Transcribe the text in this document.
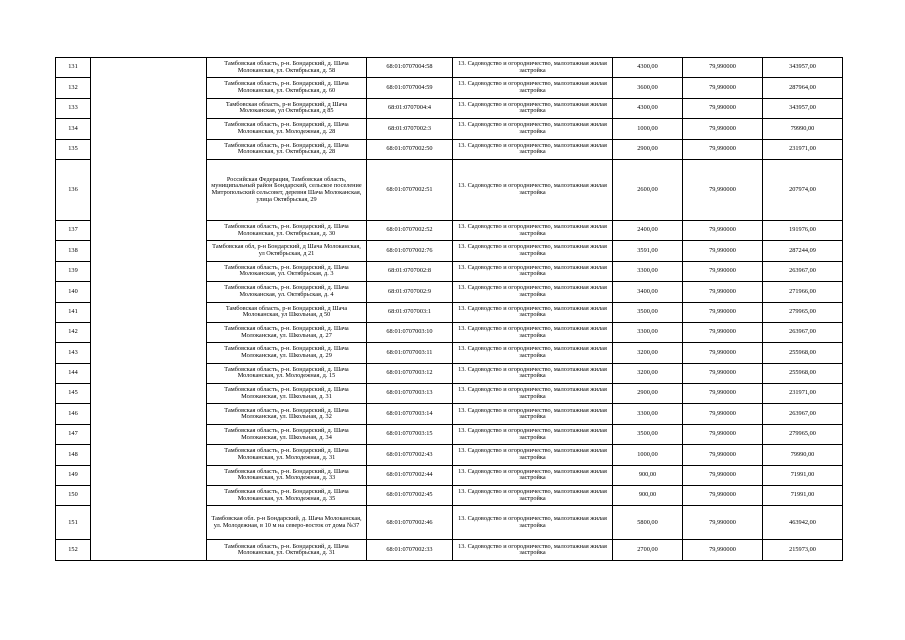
131		Тамбовская область, р-н. Бондарский, д. Шача Молоканская, ул. Октябрьская, д. 58	68:01:0707004:58	13. Садоводство и огородничество, малоэтажная жилая застройка	4300,00	79,990000	343957,00
132		Тамбовская область, р-н. Бондарский, д. Шача Молоканская, ул. Октябрьская, д. 60	68:01:0707004:59	13. Садоводство и огородничество, малоэтажная жилая застройка	3600,00	79,990000	287964,00
133		Тамбовская область, р-н Бондарский, д Шача Молоканская, ул Октябрьская, д 85	68:01:0707004:4	13. Садоводство и огородничество, малоэтажная жилая застройка	4300,00	79,990000	343957,00
134		Тамбовская область, р-н. Бондарский, д. Шача Молоканская, ул. Молодежная, д. 28	68:01:0707002:3	13. Садоводство и огородничество, малоэтажная жилая застройка	1000,00	79,990000	79990,00
135		Тамбовская область, р-н. Бондарский, д. Шача Молоканская, ул. Октябрьская, д. 28	68:01:0707002:50	13. Садоводство и огородничество, малоэтажная жилая застройка	2900,00	79,990000	231971,00
136		Российская Федерация, Тамбовская область, муниципальный район Бондарский, сельское поселение Митропольский сельсовет, деревня Шача Молоканская, улица Октябрьская, 29	68:01:0707002:51	13. Садоводство и огородничество, малоэтажная жилая застройка	2600,00	79,990000	207974,00
137		Тамбовская область, р-н. Бондарский, д. Шача Молоканская, ул. Октябрьская, д. 30	68:01:0707002:52	13. Садоводство и огородничество, малоэтажная жилая застройка	2400,00	79,990000	191976,00
138		Тамбовская обл, р-н Бондарский, д Шача Молоканская, ул Октябрьская, д 21	68:01:0707002:76	13. Садоводство и огородничество, малоэтажная жилая застройка	3591,00	79,990000	287244,09
139		Тамбовская область, р-н. Бондарский, д. Шача Молоканская, ул. Октябрьская, д. 3	68:01:0707002:8	13. Садоводство и огородничество, малоэтажная жилая застройка	3300,00	79,990000	263967,00
140		Тамбовская область, р-н. Бондарский, д. Шача Молоканская, ул. Октябрьская, д. 4	68:01:0707002:9	13. Садоводство и огородничество, малоэтажная жилая застройка	3400,00	79,990000	271966,00
141		Тамбовская область, р-н Бондарский, д Шача Молоканская, ул Школьная, д 50	68:01:0707003:1	13. Садоводство и огородничество, малоэтажная жилая застройка	3500,00	79,990000	279965,00
142		Тамбовская область, р-н. Бондарский, д. Шача Молоканская, ул. Школьная, д. 27	68:01:0707003:10	13. Садоводство и огородничество, малоэтажная жилая застройка	3300,00	79,990000	263967,00
143		Тамбовская область, р-н. Бондарский, д. Шача Молоканская, ул. Школьная, д. 29	68:01:0707003:11	13. Садоводство и огородничество, малоэтажная жилая застройка	3200,00	79,990000	255968,00
144		Тамбовская область, р-н. Бондарский, д. Шача Молоканская, ул. Молодежная, д. 15	68:01:0707003:12	13. Садоводство и огородничество, малоэтажная жилая застройка	3200,00	79,990000	255968,00
145		Тамбовская область, р-н. Бондарский, д. Шача Молоканская, ул. Школьная, д. 31	68:01:0707003:13	13. Садоводство и огородничество, малоэтажная жилая застройка	2900,00	79,990000	231971,00
146		Тамбовская область, р-н. Бондарский, д. Шача Молоканская, ул. Школьная, д. 32	68:01:0707003:14	13. Садоводство и огородничество, малоэтажная жилая застройка	3300,00	79,990000	263967,00
147		Тамбовская область, р-н. Бондарский, д. Шача Молоканская, ул. Школьная, д. 34	68:01:0707003:15	13. Садоводство и огородничество, малоэтажная жилая застройка	3500,00	79,990000	279965,00
148		Тамбовская область, р-н. Бондарский, д. Шача Молоканская, ул. Молодежная, д. 31	68:01:0707002:43	13. Садоводство и огородничество, малоэтажная жилая застройка	1000,00	79,990000	79990,00
149		Тамбовская область, р-н. Бондарский, д. Шача Молоканская, ул. Молодежная, д. 33	68:01:0707002:44	13. Садоводство и огородничество, малоэтажная жилая застройка	900,00	79,990000	71991,00
150		Тамбовская область, р-н. Бондарский, д. Шача Молоканская, ул. Молодежная, д. 35	68:01:0707002:45	13. Садоводство и огородничество, малоэтажная жилая застройка	900,00	79,990000	71991,00
151		Тамбовская обл. р-н Бондарский, д. Шача Молоканская, ул. Молодежная, в 10 м на северо-восток от дома №37	68:01:0707002:46	13. Садоводство и огородничество, малоэтажная жилая застройка	5800,00	79,990000	463942,00
152		Тамбовская область, р-н. Бондарский, д. Шача Молоканская, ул. Октябрьская, д. 31	68:01:0707002:33	13. Садоводство и огородничество, малоэтажная жилая застройка	2700,00	79,990000	215973,00
